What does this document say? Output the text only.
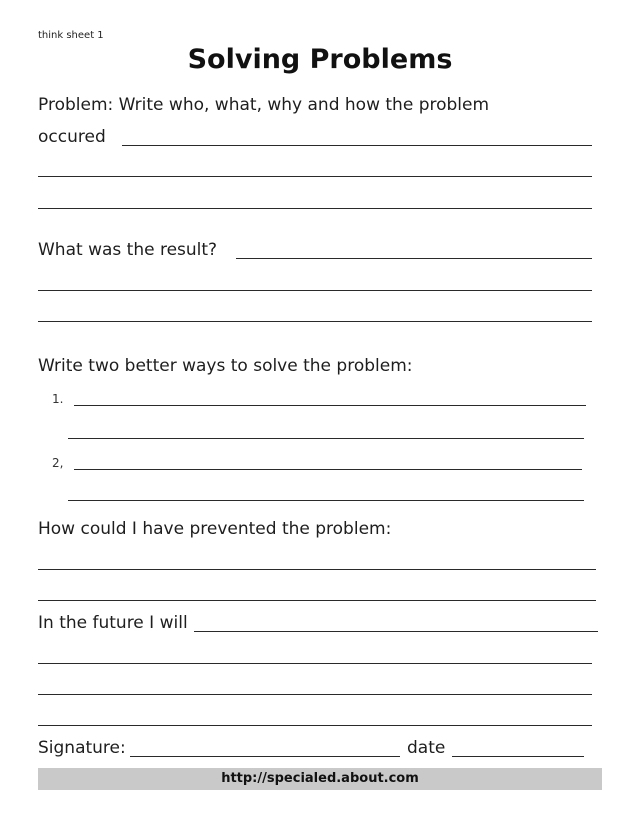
think sheet 1
Solving Problems
Problem: Write who, what, why and how the problem
occured
What was the result?
Write two better ways to solve the problem:
1.
2,
How could I have prevented the problem:
In the future I will
Signature:	date
http://specialed.about.com
